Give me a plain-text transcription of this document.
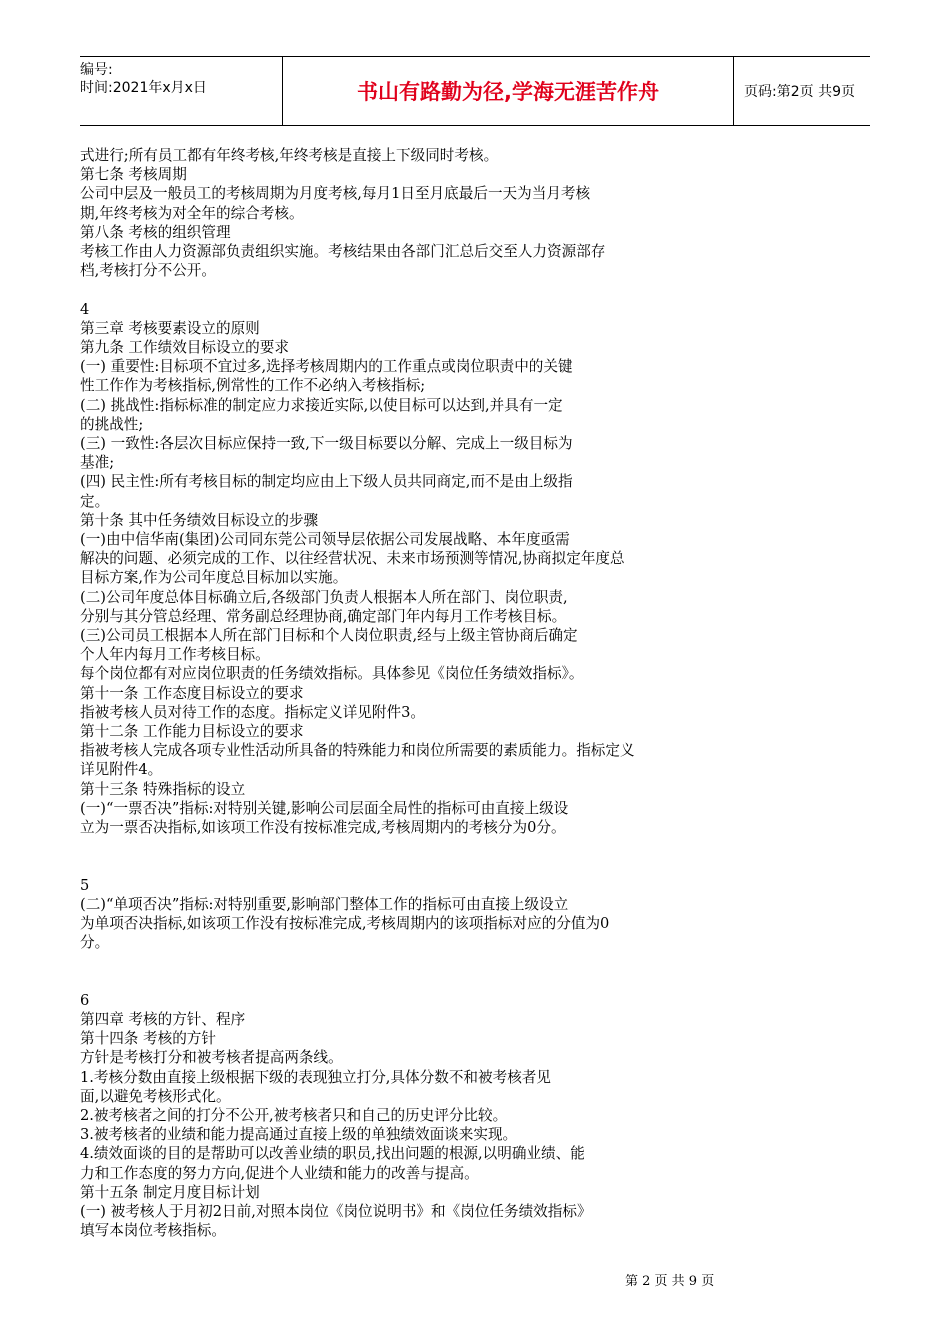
编号:
时间:2021年x月x日	书山有路勤为径,学海无涯苦作舟	页码:第2页 共9页

式进行;所有员工都有年终考核,年终考核是直接上下级同时考核。

第七条 考核周期

公司中层及一般员工的考核周期为月度考核,每月1日至月底最后一天为当月考核

期,年终考核为对全年的综合考核。

第八条 考核的组织管理

考核工作由人力资源部负责组织实施。考核结果由各部门汇总后交至人力资源部存

档,考核打分不公开。

4

第三章 考核要素设立的原则

第九条 工作绩效目标设立的要求

(一) 重要性:目标项不宜过多,选择考核周期内的工作重点或岗位职责中的关键

性工作作为考核指标,例常性的工作不必纳入考核指标;

(二) 挑战性:指标标准的制定应力求接近实际,以使目标可以达到,并具有一定

的挑战性;

(三) 一致性:各层次目标应保持一致,下一级目标要以分解、完成上一级目标为

基准;

(四) 民主性:所有考核目标的制定均应由上下级人员共同商定,而不是由上级指

定。

第十条 其中任务绩效目标设立的步骤

(一)由中信华南(集团)公司同东莞公司领导层依据公司发展战略、本年度亟需

解决的问题、必须完成的工作、以往经营状况、未来市场预测等情况,协商拟定年度总

目标方案,作为公司年度总目标加以实施。

(二)公司年度总体目标确立后,各级部门负责人根据本人所在部门、岗位职责,

分别与其分管总经理、常务副总经理协商,确定部门年内每月工作考核目标。

(三)公司员工根据本人所在部门目标和个人岗位职责,经与上级主管协商后确定

个人年内每月工作考核目标。

每个岗位都有对应岗位职责的任务绩效指标。具体参见《岗位任务绩效指标》。

第十一条 工作态度目标设立的要求

指被考核人员对待工作的态度。指标定义详见附件3。

第十二条 工作能力目标设立的要求

指被考核人完成各项专业性活动所具备的特殊能力和岗位所需要的素质能力。指标定义

详见附件4。

第十三条 特殊指标的设立

(一)“一票否决”指标:对特别关键,影响公司层面全局性的指标可由直接上级设

立为一票否决指标,如该项工作没有按标准完成,考核周期内的考核分为0分。

5

(二)“单项否决”指标:对特别重要,影响部门整体工作的指标可由直接上级设立

为单项否决指标,如该项工作没有按标准完成,考核周期内的该项指标对应的分值为0

分。

6

第四章 考核的方针、程序

第十四条 考核的方针

方针是考核打分和被考核者提高两条线。

1.考核分数由直接上级根据下级的表现独立打分,具体分数不和被考核者见

面,以避免考核形式化。

2.被考核者之间的打分不公开,被考核者只和自己的历史评分比较。

3.被考核者的业绩和能力提高通过直接上级的单独绩效面谈来实现。

4.绩效面谈的目的是帮助可以改善业绩的职员,找出问题的根源,以明确业绩、能

力和工作态度的努力方向,促进个人业绩和能力的改善与提高。

第十五条 制定月度目标计划

(一) 被考核人于月初2日前,对照本岗位《岗位说明书》和《岗位任务绩效指标》

填写本岗位考核指标。

第 2 页 共 9 页
